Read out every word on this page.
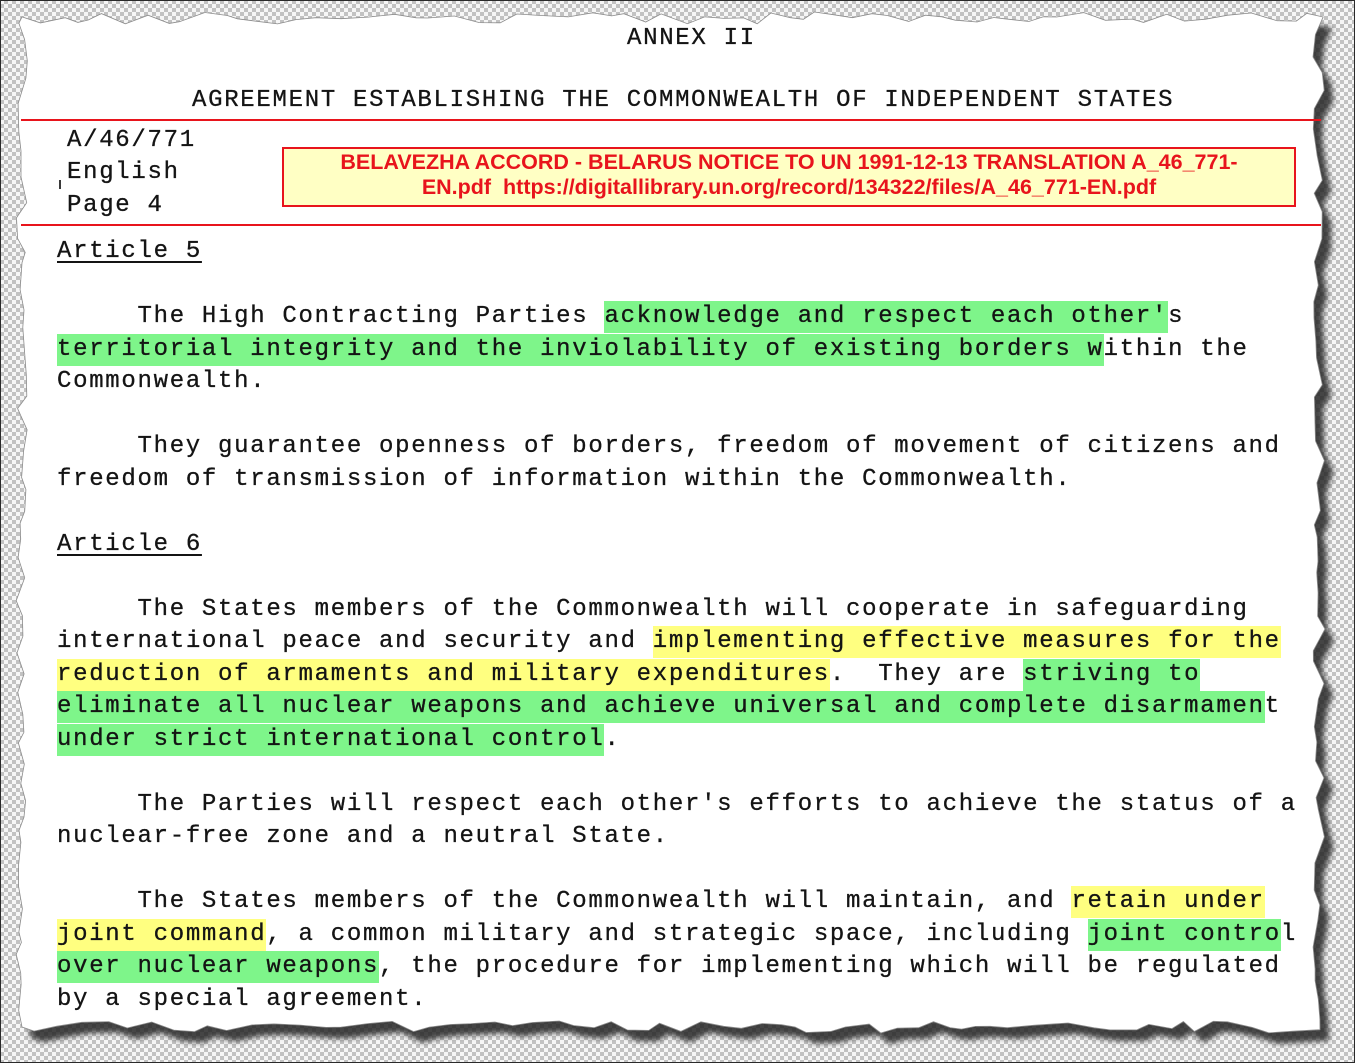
ANNEX II
AGREEMENT ESTABLISHING THE COMMONWEALTH OF INDEPENDENT STATES
A/46/771
English
Page 4
BELAVEZHA ACCORD - BELARUS NOTICE TO UN 1991-12-13 TRANSLATION A_46_771-
EN.pdf  https://digitallibrary.un.org/record/134322/files/A_46_771-EN.pdf
Article 5
The High Contracting Parties acknowledge and respect each other's
territorial integrity and the inviolability of existing borders within the
Commonwealth.
They guarantee openness of borders, freedom of movement of citizens and
freedom of transmission of information within the Commonwealth.
Article 6
The States members of the Commonwealth will cooperate in safeguarding
international peace and security and implementing effective measures for the
reduction of armaments and military expenditures.  They are striving to
eliminate all nuclear weapons and achieve universal and complete disarmament
under strict international control.
The Parties will respect each other's efforts to achieve the status of a
nuclear-free zone and a neutral State.
The States members of the Commonwealth will maintain, and retain under
joint command, a common military and strategic space, including joint control
over nuclear weapons, the procedure for implementing which will be regulated
by a special agreement.
